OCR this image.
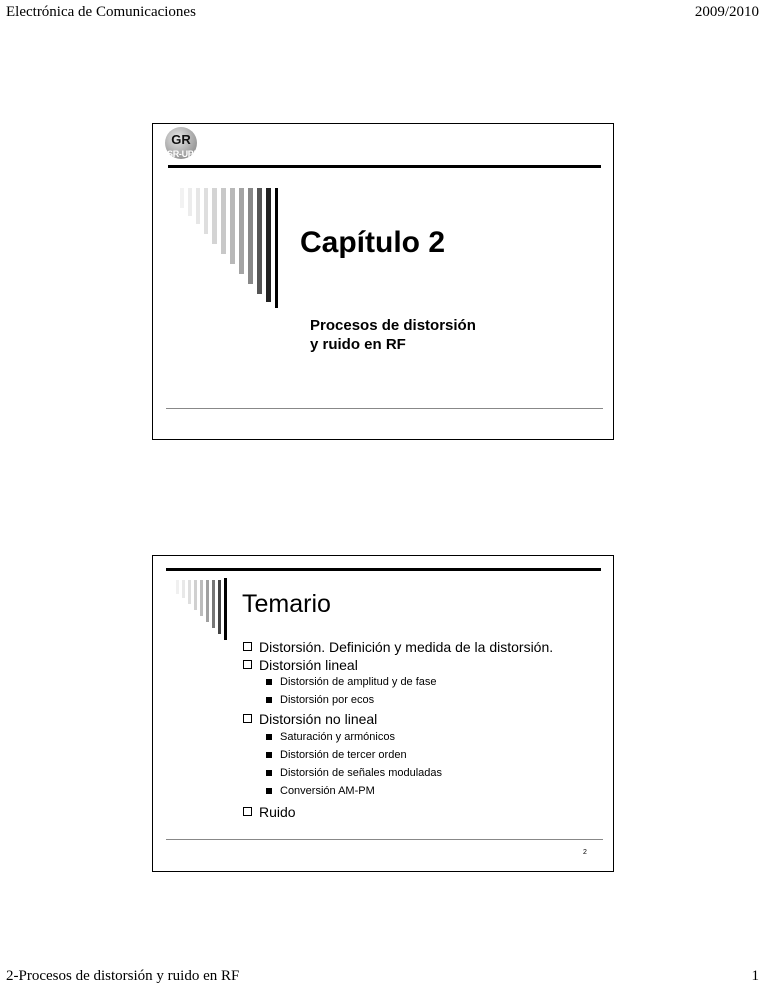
Electrónica de Comunicaciones	2009/2010
GR
SSR-UPM
Capítulo 2
Procesos de distorsión
y ruido en RF
Temario
Distorsión. Definición y medida de la distorsión.
Distorsión lineal
Distorsión de amplitud y de fase
Distorsión por ecos
Distorsión no lineal
Saturación y armónicos
Distorsión de tercer orden
Distorsión de señales moduladas
Conversión AM-PM
Ruido
2
2-Procesos de distorsión y ruido en RF	1
